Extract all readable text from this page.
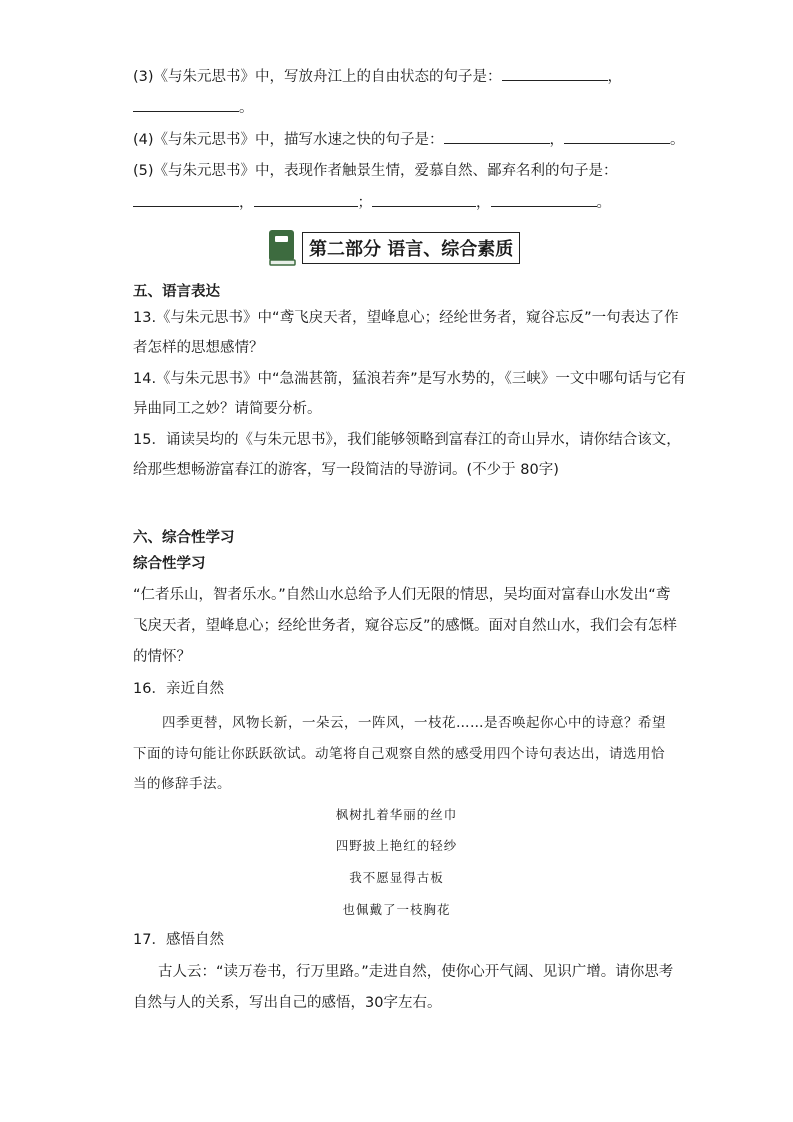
(3)《与朱元思书》中，写放舟江上的自由状态的句子是：	，
。
(4)《与朱元思书》中，描写水速之快的句子是：	，	。
(5)《与朱元思书》中，表现作者触景生情，爱慕自然、鄙弃名利的句子是：
，	；	，	。
第二部分 语言、综合素质
五、语言表达
13.《与朱元思书》中“鸢飞戾天者，望峰息心；经纶世务者，窥谷忘反”一句表达了作
者怎样的思想感情？
14.《与朱元思书》中“急湍甚箭，猛浪若奔”是写水势的，《三峡》一文中哪句话与它有
异曲同工之妙？请简要分析。
15．诵读吴均的《与朱元思书》，我们能够领略到富春江的奇山异水，请你结合该文，
给那些想畅游富春江的游客，写一段简洁的导游词。(不少于 80字)
六、综合性学习
综合性学习
“仁者乐山，智者乐水。”自然山水总给予人们无限的情思，吴均面对富春山水发出“鸢
飞戾天者，望峰息心；经纶世务者，窥谷忘反”的感慨。面对自然山水，我们会有怎样
的情怀？
16．亲近自然
四季更替，风物长新，一朵云，一阵风，一枝花……是否唤起你心中的诗意？希望
下面的诗句能让你跃跃欲试。动笔将自己观察自然的感受用四个诗句表达出，请选用恰
当的修辞手法。
枫树扎着华丽的丝巾
四野披上艳红的轻纱
我不愿显得古板
也佩戴了一枝胸花
17．感悟自然
古人云：“读万卷书，行万里路。”走进自然，使你心开气阔、见识广增。请你思考
自然与人的关系，写出自己的感悟，30字左右。
